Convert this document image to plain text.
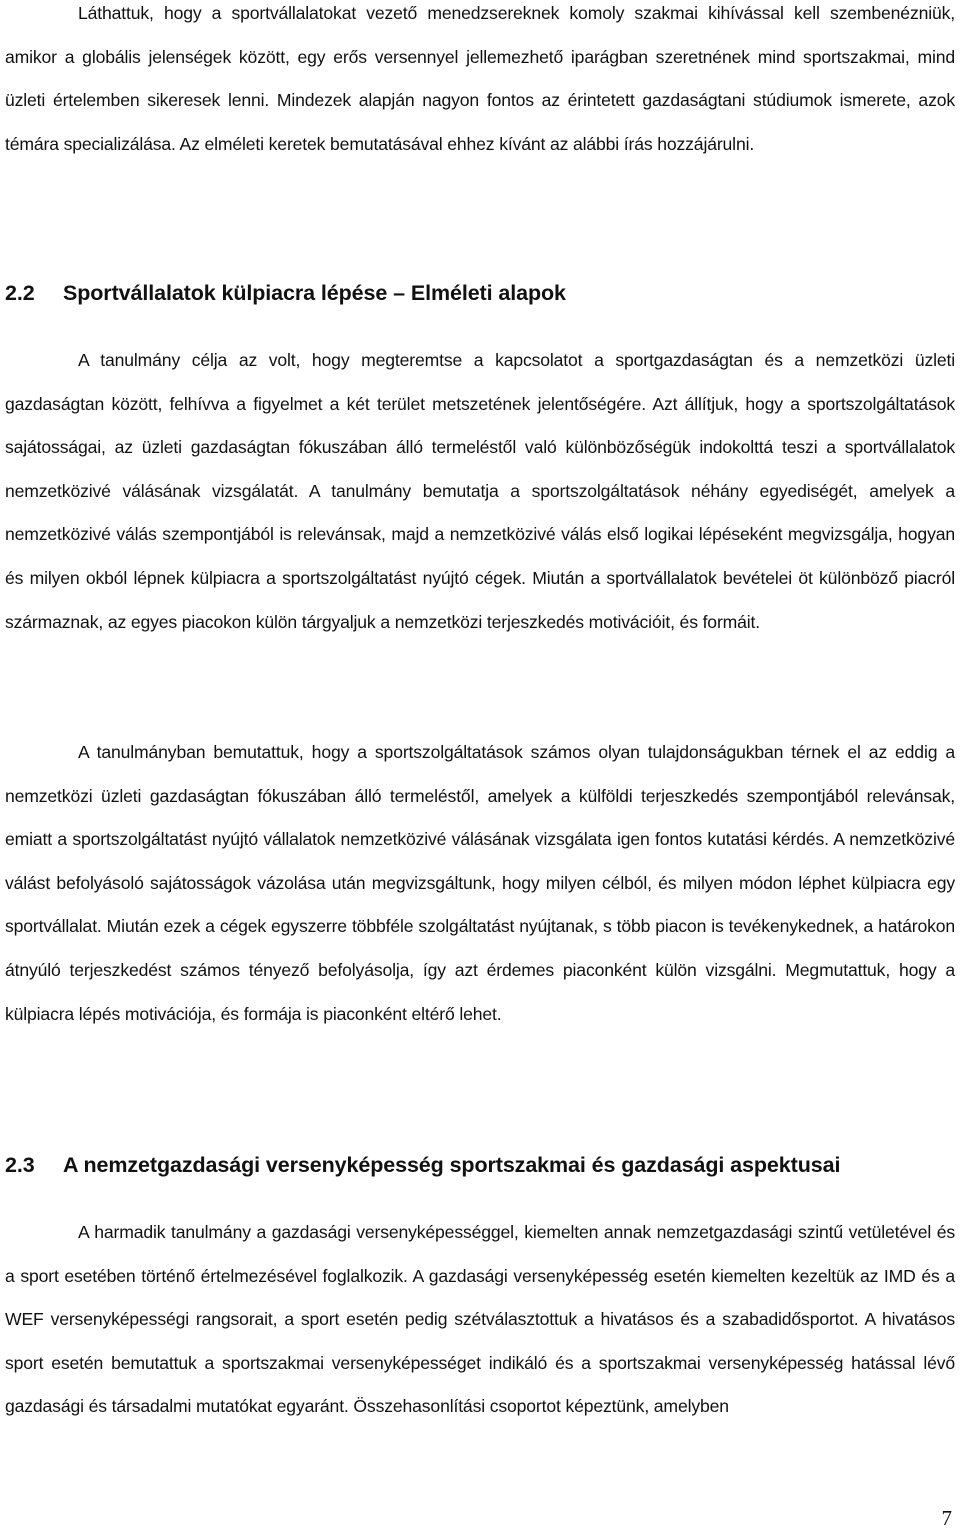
Láthattuk, hogy a sportvállalatokat vezető menedzsereknek komoly szakmai kihívással kell szembenézniük, amikor a globális jelenségek között, egy erős versennyel jellemezhető iparágban szeretnének mind sportszakmai, mind üzleti értelemben sikeresek lenni. Mindezek alapján nagyon fontos az érintetett gazdaságtani stúdiumok ismerete, azok témára specializálása. Az elméleti keretek bemutatásával ehhez kívánt az alábbi írás hozzájárulni.

2.2 Sportvállalatok külpiacra lépése – Elméleti alapok

A tanulmány célja az volt, hogy megteremtse a kapcsolatot a sportgazdaságtan és a nemzetközi üzleti gazdaságtan között, felhívva a figyelmet a két terület metszetének jelentőségére. Azt állítjuk, hogy a sportszolgáltatások sajátosságai, az üzleti gazdaságtan fókuszában álló termeléstől való különbözőségük indokolttá teszi a sportvállalatok nemzetközivé válásának vizsgálatát. A tanulmány bemutatja a sportszolgáltatások néhány egyediségét, amelyek a nemzetközivé válás szempontjából is relevánsak, majd a nemzetközivé válás első logikai lépéseként megvizsgálja, hogyan és milyen okból lépnek külpiacra a sportszolgáltatást nyújtó cégek. Miután a sportvállalatok bevételei öt különböző piacról származnak, az egyes piacokon külön tárgyaljuk a nemzetközi terjeszkedés motivációit, és formáit.

A tanulmányban bemutattuk, hogy a sportszolgáltatások számos olyan tulajdonságukban térnek el az eddig a nemzetközi üzleti gazdaságtan fókuszában álló termeléstől, amelyek a külföldi terjeszkedés szempontjából relevánsak, emiatt a sportszolgáltatást nyújtó vállalatok nemzetközivé válásának vizsgálata igen fontos kutatási kérdés. A nemzetközivé válást befolyásoló sajátosságok vázolása után megvizsgáltunk, hogy milyen célból, és milyen módon léphet külpiacra egy sportvállalat. Miután ezek a cégek egyszerre többféle szolgáltatást nyújtanak, s több piacon is tevékenykednek, a határokon átnyúló terjeszkedést számos tényező befolyásolja, így azt érdemes piaconként külön vizsgálni. Megmutattuk, hogy a külpiacra lépés motivációja, és formája is piaconként eltérő lehet.

2.3 A nemzetgazdasági versenyképesség sportszakmai és gazdasági aspektusai

A harmadik tanulmány a gazdasági versenyképességgel, kiemelten annak nemzetgazdasági szintű vetületével és a sport esetében történő értelmezésével foglalkozik. A gazdasági versenyképesség esetén kiemelten kezeltük az IMD és a WEF versenyképességi rangsorait, a sport esetén pedig szétválasztottuk a hivatásos és a szabadidősportot. A hivatásos sport esetén bemutattuk a sportszakmai versenyképességet indikáló és a sportszakmai versenyképesség hatással lévő gazdasági és társadalmi mutatókat egyaránt. Összehasonlítási csoportot képeztünk, amelyben

7
